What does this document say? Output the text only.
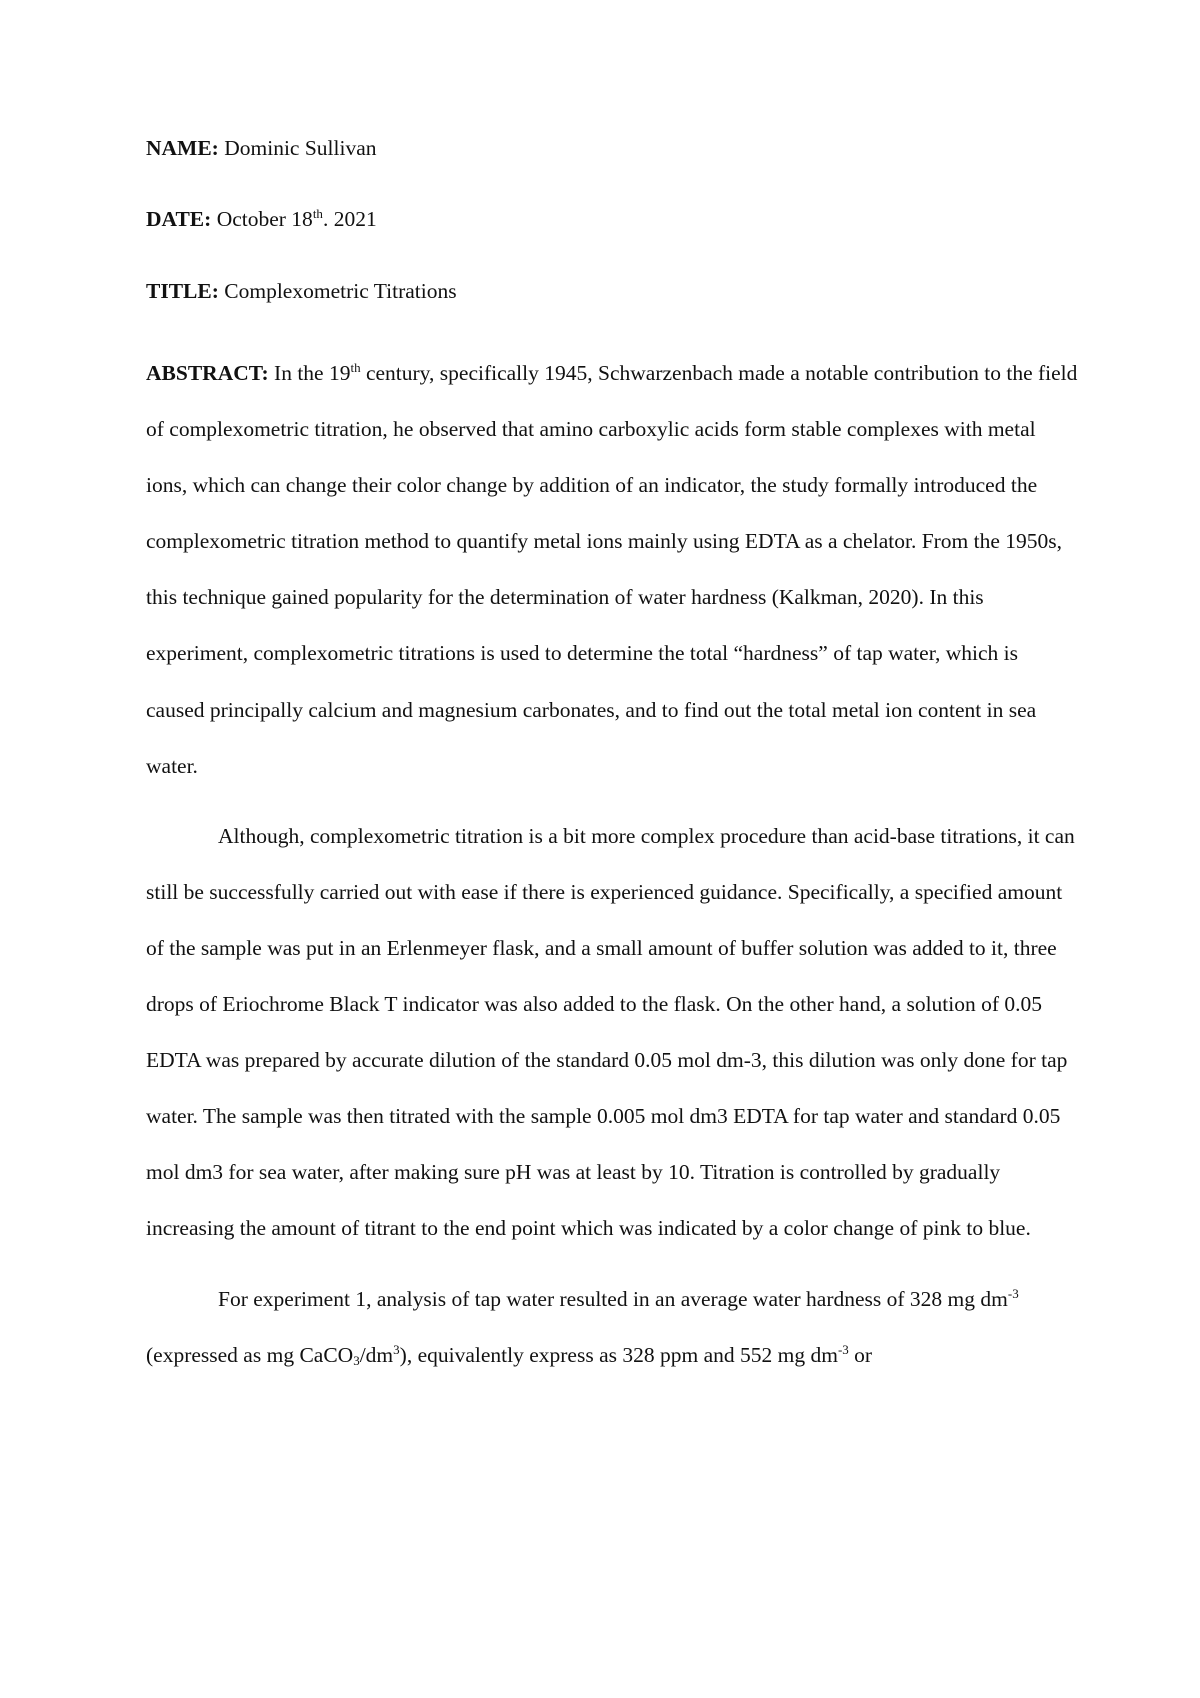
NAME: Dominic Sullivan

DATE: October 18th. 2021

TITLE: Complexometric Titrations

ABSTRACT: In the 19th century, specifically 1945, Schwarzenbach made a notable contribution to the field of complexometric titration, he observed that amino carboxylic acids form stable complexes with metal ions, which can change their color change by addition of an indicator, the study formally introduced the complexometric titration method to quantify metal ions mainly using EDTA as a chelator. From the 1950s, this technique gained popularity for the determination of water hardness (Kalkman, 2020). In this experiment, complexometric titrations is used to determine the total “hardness” of tap water, which is caused principally calcium and magnesium carbonates, and to find out the total metal ion content in sea water.

Although, complexometric titration is a bit more complex procedure than acid-base titrations, it can still be successfully carried out with ease if there is experienced guidance. Specifically, a specified amount of the sample was put in an Erlenmeyer flask, and a small amount of buffer solution was added to it, three drops of Eriochrome Black T indicator was also added to the flask. On the other hand, a solution of 0.05 EDTA was prepared by accurate dilution of the standard 0.05 mol dm-3, this dilution was only done for tap water. The sample was then titrated with the sample 0.005 mol dm3 EDTA for tap water and standard 0.05 mol dm3 for sea water, after making sure pH was at least by 10. Titration is controlled by gradually increasing the amount of titrant to the end point which was indicated by a color change of pink to blue.

For experiment 1, analysis of tap water resulted in an average water hardness of 328 mg $dm^{-3}$ (expressed as mg $CaCO_3/dm^3$), equivalently express as 328 ppm and 552 mg $dm^{-3}$ or
